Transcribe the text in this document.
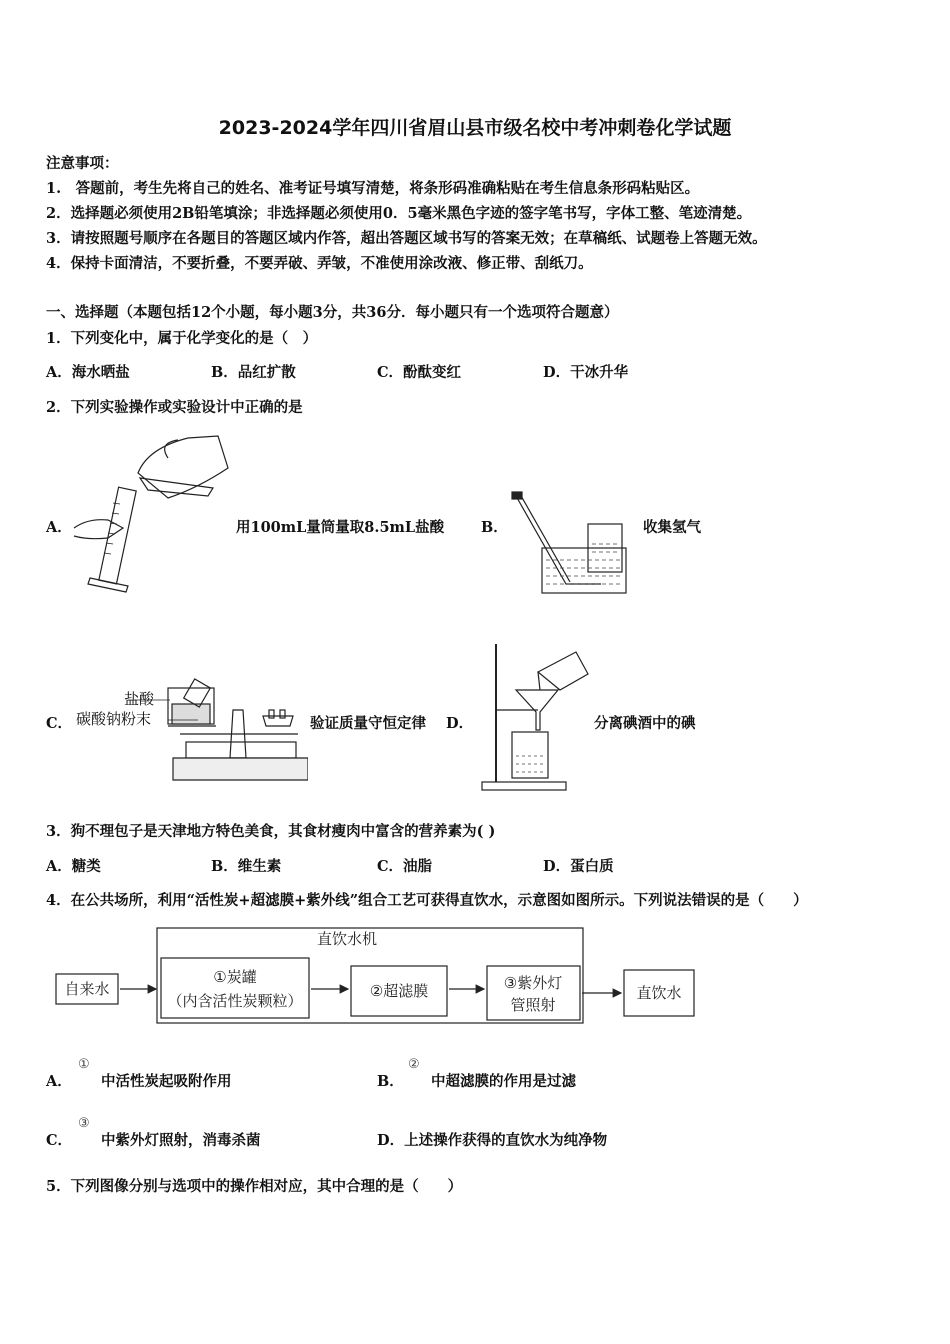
2023-2024学年四川省眉山县市级名校中考冲刺卷化学试题
注意事项：
1.　答题前，考生先将自己的姓名、准考证号填写清楚，将条形码准确粘贴在考生信息条形码粘贴区。
2．选择题必须使用2B铅笔填涂；非选择题必须使用0．5毫米黑色字迹的签字笔书写，字体工整、笔迹清楚。
3．请按照题号顺序在各题目的答题区域内作答，超出答题区域书写的答案无效；在草稿纸、试题卷上答题无效。
4．保持卡面清洁，不要折叠，不要弄破、弄皱，不准使用涂改液、修正带、刮纸刀。
一、选择题（本题包括12个小题，每小题3分，共36分．每小题只有一个选项符合题意）
1．下列变化中，属于化学变化的是（　）
A．海水晒盐	B．品红扩散	C．酚酞变红	D．干冰升华
2．下列实验操作或实验设计中正确的是
A．	用100mL量筒量取8.5mL盐酸	B．	收集氢气
C．
盐酸
碳酸钠粉末	验证质量守恒定律 D．	分离碘酒中的碘
3．狗不理包子是天津地方特色美食，其食材瘦肉中富含的营养素为( )
A．糖类	B．维生素	C．油脂	D．蛋白质
4．在公共场所，利用“活性炭+超滤膜+紫外线”组合工艺可获得直饮水，示意图如图所示。下列说法错误的是（　　）
直饮水机
自来水
①炭罐
（内含活性炭颗粒）
②超滤膜	③紫外灯
管照射
直饮水
A．
①
中活性炭起吸附作用	B．
②
中超滤膜的作用是过滤
C．
③
中紫外灯照射，消毒杀菌	D．上述操作获得的直饮水为纯净物
5．下列图像分别与选项中的操作相对应，其中合理的是（　　）
